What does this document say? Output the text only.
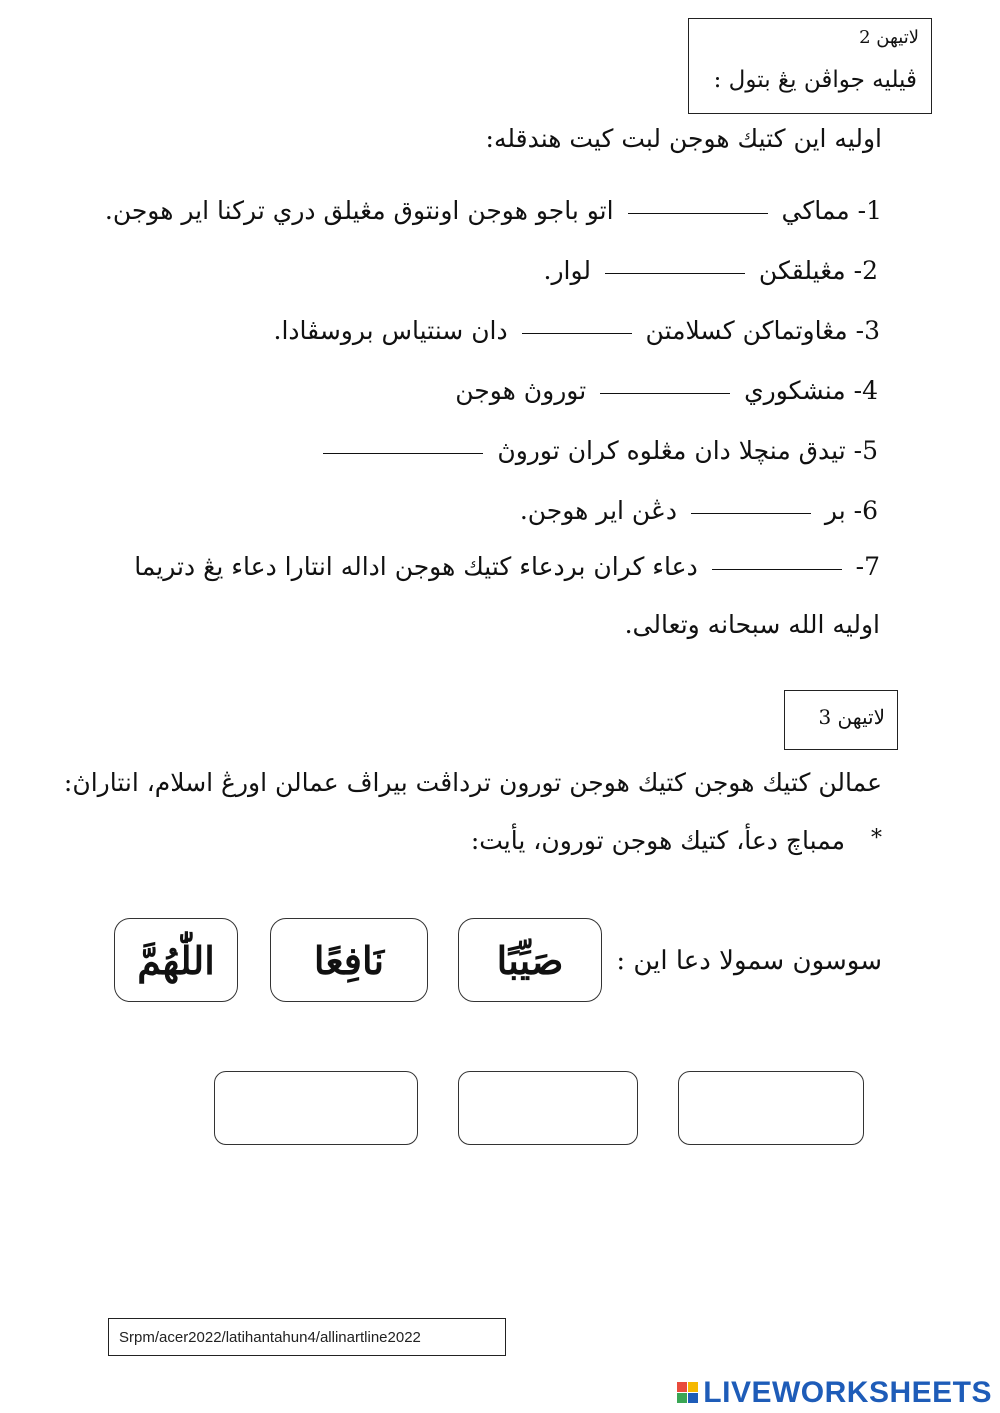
لاتيهن 2
ڤيليه جواڤن يڠ بتول :
اوليه اين كتيك هوجن لبت كيت هندقله:
1- مماكي  اتو باجو هوجن اونتوق مڠيلق دري تركنا اير هوجن.
2- مڠيلقكن  لوار.
3- مڠاوتماكن كسلامتن  دان سنتياس بروسڤادا.
4- منشكوري  توروڽ هوجن
5- تيدق منچلا دان مڠلوه كران توروڽ
6- بر  دڠن اير هوجن.
7-  دعاء كران بردعاء كتيك هوجن اداله انتارا دعاء يڠ دتريما
اوليه الله سبحانه وتعالى.
لاتيهن 3
عمالن كتيك هوجن كتيك هوجن تورون ترداڤت بيراڤ عمالن اورڠ اسلام، انتاراڽ:
* ممباچ دعأ، كتيك هوجن تورون، يأيت:
سوسون سمولا دعا اين :
صَيِّبًا
نَافِعًا
اللّٰهُمَّ
Srpm/acer2022/latihantahun4/allinartline2022
LIVEWORKSHEETS
